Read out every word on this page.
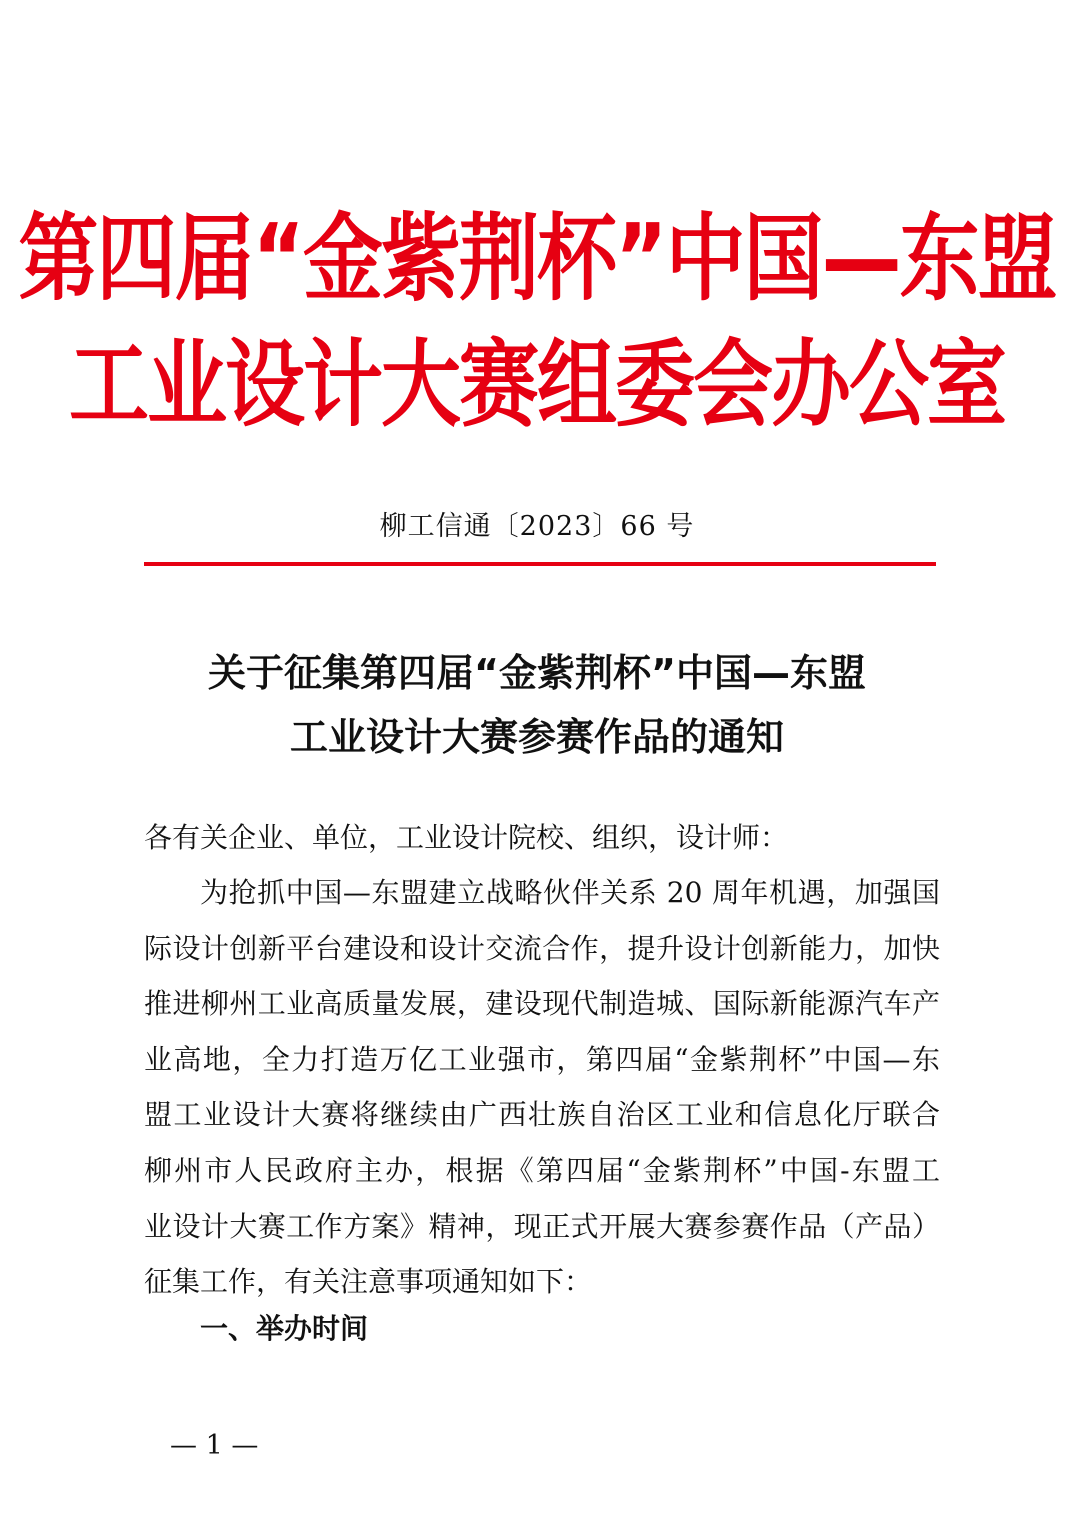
第四届“金紫荆杯”中国—东盟
工业设计大赛组委会办公室
柳工信通〔2023〕66 号
关于征集第四届“金紫荆杯”中国—东盟
工业设计大赛参赛作品的通知
各有关企业、单位，工业设计院校、组织，设计师：
为抢抓中国—东盟建立战略伙伴关系 20 周年机遇，加强国
际设计创新平台建设和设计交流合作，提升设计创新能力，加快
推进柳州工业高质量发展，建设现代制造城、国际新能源汽车产
业高地，全力打造万亿工业强市，第四届“金紫荆杯”中国—东
盟工业设计大赛将继续由广西壮族自治区工业和信息化厅联合
柳州市人民政府主办，根据《第四届“金紫荆杯”中国-东盟工
业设计大赛工作方案》精神，现正式开展大赛参赛作品（产品）
征集工作，有关注意事项通知如下：
一、举办时间
— 1 —
